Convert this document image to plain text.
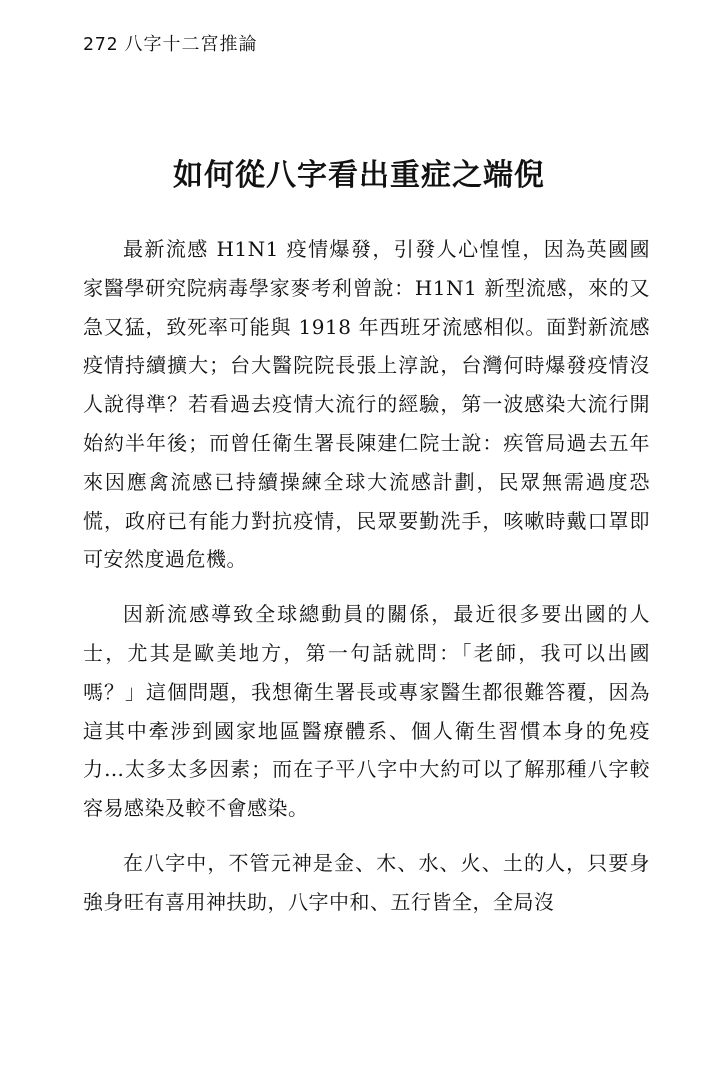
272 八字十二宮推論
如何從八字看出重症之端倪

最新流感 H1N1 疫情爆發，引發人心惶惶，因為英國國家醫學研究院病毒學家麥考利曾說：H1N1 新型流感，來的又急又猛，致死率可能與 1918 年西班牙流感相似。面對新流感疫情持續擴大；台大醫院院長張上淳說，台灣何時爆發疫情沒人說得準？若看過去疫情大流行的經驗，第一波感染大流行開始約半年後；而曾任衛生署長陳建仁院士說：疾管局過去五年來因應禽流感已持續操練全球大流感計劃，民眾無需過度恐慌，政府已有能力對抗疫情，民眾要勤洗手，咳嗽時戴口罩即可安然度過危機。

因新流感導致全球總動員的關係，最近很多要出國的人士，尤其是歐美地方，第一句話就問：「老師，我可以出國嗎？」這個問題，我想衛生署長或專家醫生都很難答覆，因為這其中牽涉到國家地區醫療體系、個人衛生習慣本身的免疫力…太多太多因素；而在子平八字中大約可以了解那種八字較容易感染及較不會感染。

在八字中，不管元神是金、木、水、火、土的人，只要身強身旺有喜用神扶助，八字中和、五行皆全，全局沒
